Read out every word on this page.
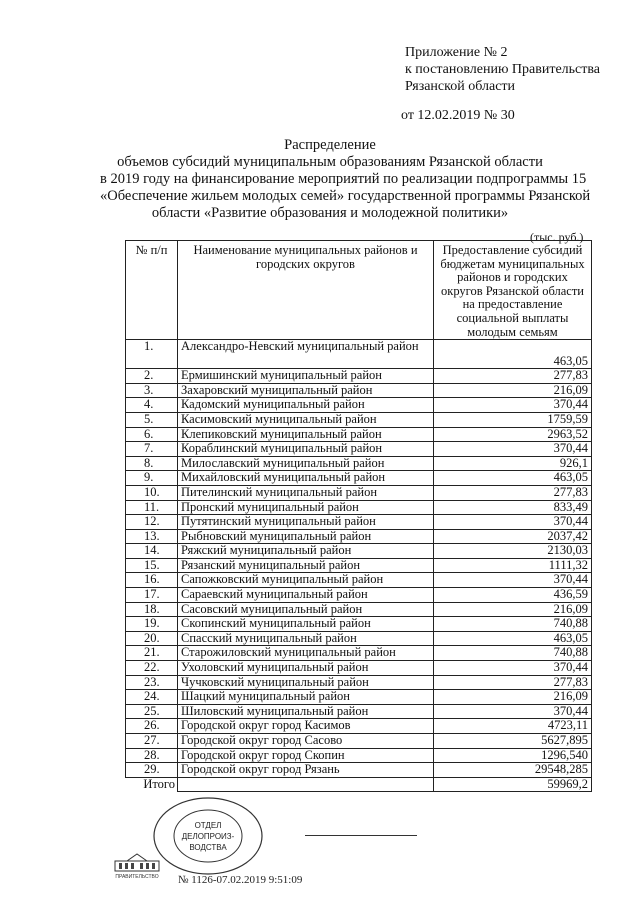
Приложение № 2
к постановлению Правительства
Рязанской области
от 12.02.2019 № 30
Распределение
объемов субсидий муниципальным образованиям Рязанской области
в 2019 году на финансирование мероприятий по реализации подпрограммы 15
«Обеспечение жильем молодых семей» государственной программы Рязанской
области «Развитие образования и молодежной политики»
(тыс. руб.)
№ п/п	Наименование муниципальных районов и городских округов	Предоставление субсидий бюджетам муниципальных районов и городских округов Рязанской области на предоставление социальной выплаты молодым семьям
1.	Александро-Невский муниципальный район	463,05
2.	Ермишинский муниципальный район	277,83
3.	Захаровский муниципальный район	216,09
4.	Кадомский муниципальный район	370,44
5.	Касимовский муниципальный район	1759,59
6.	Клепиковский муниципальный район	2963,52
7.	Кораблинский муниципальный район	370,44
8.	Милославский муниципальный район	926,1
9.	Михайловский муниципальный район	463,05
10.	Пителинский муниципальный район	277,83
11.	Пронский муниципальный район	833,49
12.	Путятинский муниципальный район	370,44
13.	Рыбновский муниципальный район	2037,42
14.	Ряжский муниципальный район	2130,03
15.	Рязанский муниципальный район	1111,32
16.	Сапожковский муниципальный район	370,44
17.	Сараевский муниципальный район	436,59
18.	Сасовский муниципальный район	216,09
19.	Скопинский муниципальный район	740,88
20.	Спасский муниципальный район	463,05
21.	Старожиловский муниципальный район	740,88
22.	Ухоловский муниципальный район	370,44
23.	Чучковский муниципальный район	277,83
24.	Шацкий муниципальный район	216,09
25.	Шиловский муниципальный район	370,44
26.	Городской округ город Касимов	4723,11
27.	Городской округ город Сасово	5627,895
28.	Городской округ город Скопин	1296,540
29.	Городской округ город Рязань	29548,285
Итого		59969,2
ОТДЕЛ
ДЕЛОПРОИЗ-
ВОДСТВА
ПРАВИТЕЛЬСТВО № 1126-07.02.2019 9:51:09
